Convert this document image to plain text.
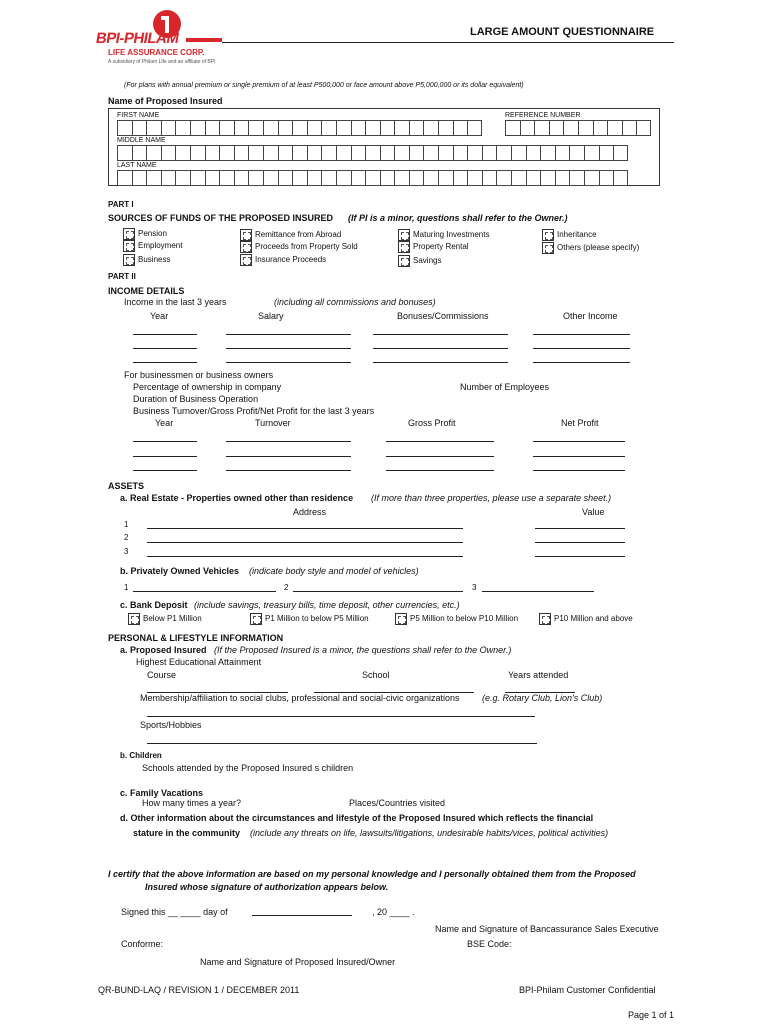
BPI-PHILAM
LIFE ASSURANCE CORP.
A subsidiary of Philam Life and an affiliate of BPI
LARGE AMOUNT QUESTIONNAIRE
(For plans with annual premium or single premium of at least P500,000 or face amount above P5,000,000 or its dollar equivalent)
Name of Proposed Insured
FIRST NAME	REFERENCE NUMBER
MIDDLE NAME
LAST NAME
PART I
SOURCES OF FUNDS OF THE PROPOSED INSURED (If PI is a minor, questions shall refer to the Owner.)
Pension
Employment
Business
Remittance from Abroad
Proceeds from Property Sold
Insurance Proceeds
Maturing Investments
Property Rental
Savings
Inheritance
Others (please specify)
PART II
INCOME DETAILS
Income in the last 3 years	(including all commissions and bonuses)
Year	Salary	Bonuses/Commissions	Other Income
For businessmen or business owners
Percentage of ownership in company	Number of Employees
Duration of Business Operation
Business Turnover/Gross Profit/Net Profit for the last 3 years
Year	Turnover	Gross Profit	Net Profit
ASSETS
a. Real Estate - Properties owned other than residence (If more than three properties, please use a separate sheet.)
Address	Value
1
2
3
b. Privately Owned Vehicles (indicate body style and model of vehicles)
1	2	3
c. Bank Deposit (include savings, treasury bills, time deposit, other currencies, etc.)
Below P1 Million	P1 Million to below P5 Million	P5 Million to below P10 Million	P10 Million and above
PERSONAL & LIFESTYLE INFORMATION
a. Proposed Insured (If the Proposed Insured is a minor, the questions shall refer to the Owner.)
Highest Educational Attainment
Course	School	Years attended
Membership/affiliation to social clubs, professional and social-civic organizations	(e.g. Rotary Club, Lion's Club)
Sports/Hobbies
b. Children
Schools attended by the Proposed Insured s children
c. Family Vacations
How many times a year?	Places/Countries visited
d. Other information about the circumstances and lifestyle of the Proposed Insured which reflects the financial
stature in the community (include any threats on life, lawsuits/litigations, undesirable habits/vices, political activities)
I certify that the above information are based on my personal knowledge and I personally obtained them from the Proposed
Insured whose signature of authorization appears below.
Signed this __ ____ day of	, 20 ____ .
Name and Signature of Bancassurance Sales Executive
Conforme:	BSE Code:
Name and Signature of Proposed Insured/Owner
QR-BUND-LAQ / REVISION 1 / DECEMBER 2011	BPI-Philam Customer Confidential
Page 1 of 1
